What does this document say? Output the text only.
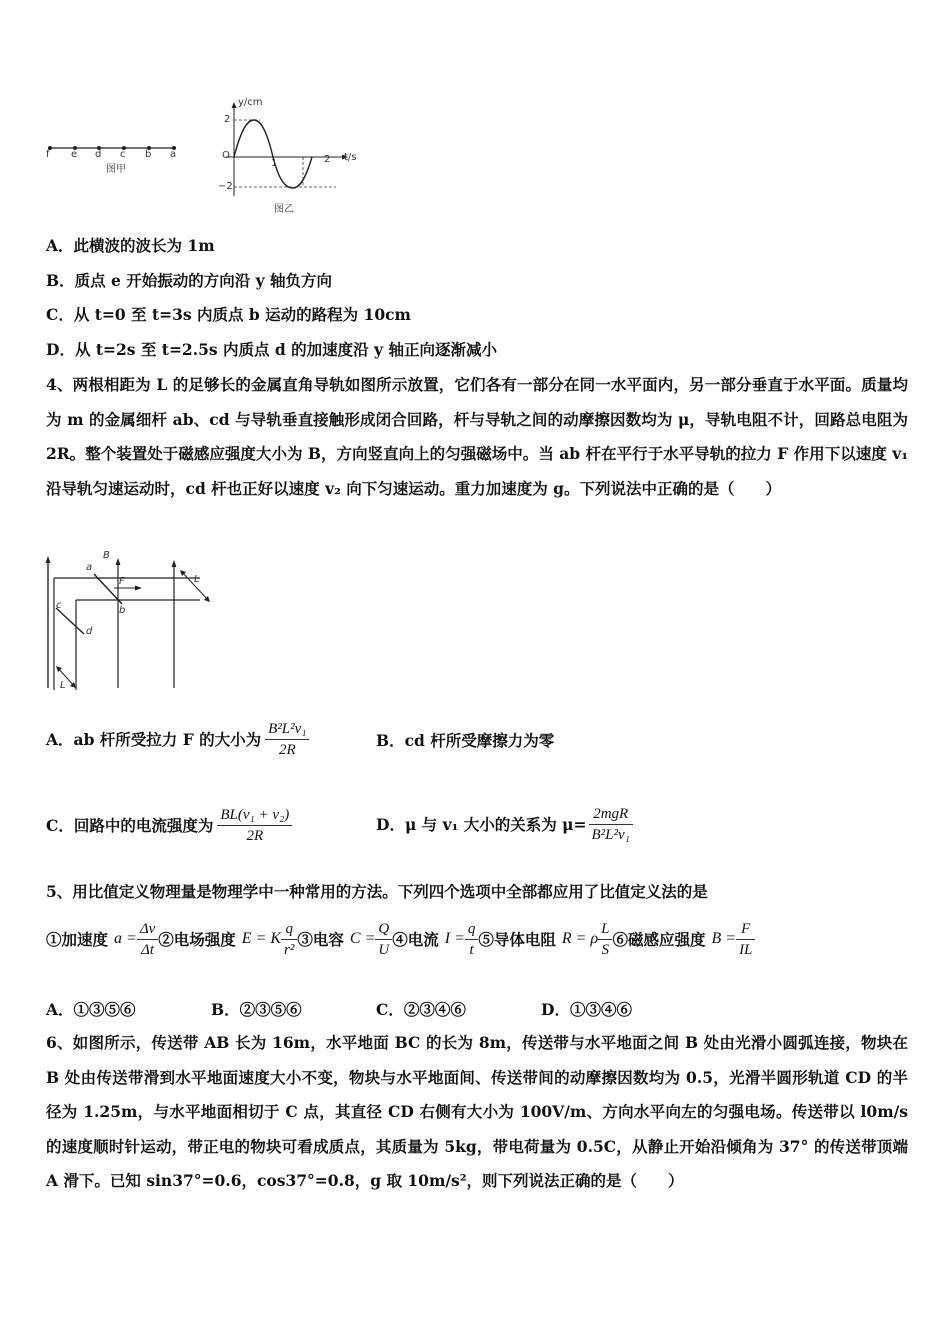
f e d c b a
图甲
y/cm
t/s
O
2
−2
1	2
图乙
A．此横波的波长为 1m
B．质点 e 开始振动的方向沿 y 轴负方向
C．从 t=0 至 t=3s 内质点 b 运动的路程为 10cm
D．从 t=2s 至 t=2.5s 内质点 d 的加速度沿 y 轴正向逐渐减小
4、两根相距为 L 的足够长的金属直角导轨如图所示放置，它们各有一部分在同一水平面内，另一部分垂直于水平面。质量均为 m 的金属细杆 ab、cd 与导轨垂直接触形成闭合回路，杆与导轨之间的动摩擦因数均为 μ，导轨电阻不计，回路总电阻为 2R。整个装置处于磁感应强度大小为 B，方向竖直向上的匀强磁场中。当 ab 杆在平行于水平导轨的拉力 F 作用下以速度 v₁ 沿导轨匀速运动时，cd 杆也正好以速度 v₂ 向下匀速运动。重力加速度为 g。下列说法中正确的是（　　）
B
F
a
b
c
d
L
L
A．ab 杆所受拉力 F 的大小为 $\frac{\text{B²L²v₁}}{2R}$	B．cd 杆所受摩擦力为零
C．回路中的电流强度为 $\frac{\text{BL(v₁ + v₂)}}{2R}$	D．μ 与 v₁ 大小的关系为 $\mu= \frac{\text{2mgR}}{\text{B²L²v₁}}$
5、用比值定义物理量是物理学中一种常用的方法。下列四个选项中全部都应用了比值定义法的是
①加速度 $a = \frac{\Delta v}{\Delta t}$ ②电场强度 E = K $\frac{q}{\text{r²}}$ ③电容 $C = \frac{Q}{U}$ ④电流 $I = \frac{q}{t}$ ⑤导体电阻 R = ρ $\frac{L}{S}$ ⑥磁感应强度 $B = \frac{F}{IL}$
A．①③⑤⑥	B．②③⑤⑥	C．②③④⑥	D．①③④⑥
6、如图所示，传送带 AB 长为 16m，水平地面 BC 的长为 8m，传送带与水平地面之间 B 处由光滑小圆弧连接，物块在 B 处由传送带滑到水平地面速度大小不变，物块与水平地面间、传送带间的动摩擦因数均为 0.5，光滑半圆形轨道 CD 的半径为 1.25m，与水平地面相切于 C 点，其直径 CD 右侧有大小为 100V/m、方向水平向左的匀强电场。传送带以 l0m/s 的速度顺时针运动，带正电的物块可看成质点，其质量为 5kg，带电荷量为 0.5C，从静止开始沿倾角为 37° 的传送带顶端 A 滑下。已知 sin37°=0.6，cos37°=0.8，g 取 10m/s²，则下列说法正确的是（　　）
